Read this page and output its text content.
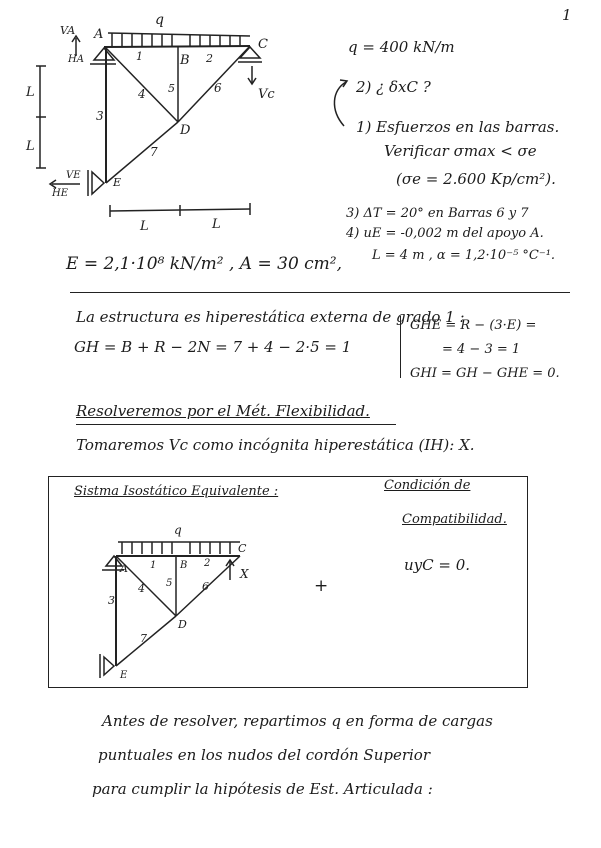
1
q
A
B
C
D
E
1	2
3
4 5	6
7
VA
HA
VE
HE
Vc
L
L
L	L
q = 400 kN/m
2) ¿ δxC ?
1) Esfuerzos en las barras.
Verificar σmax < σe
(σe = 2.600 Kp/cm²).
3) ΔT = 20° en Barras 6 y 7
4) uE = -0,002 m del apoyo A.
E = 2,1·10⁸ kN/m² , A = 30 cm², L = 4 m , α = 1,2·10⁻⁵ °C⁻¹.
La estructura es hiperestática externa de grado 1 :
GH = B + R − 2N = 7 + 4 − 2·5 = 1
GHE = R − (3·E) =
= 4 − 3 = 1
GHI = GH − GHE = 0.
Resolveremos por el Mét. Flexibilidad.
Tomaremos Vc como incógnita hiperestática (IH): X.
Sistma Isostático Equivalente :	Condición de
Compatibilidad.
uyC = 0.
+
q
A	B
C
D
E
X
1	2
3
4 5	6
7
Antes de resolver, repartimos q en forma de cargas
puntuales en los nudos del cordón Superior
para cumplir la hipótesis de Est. Articulada :
